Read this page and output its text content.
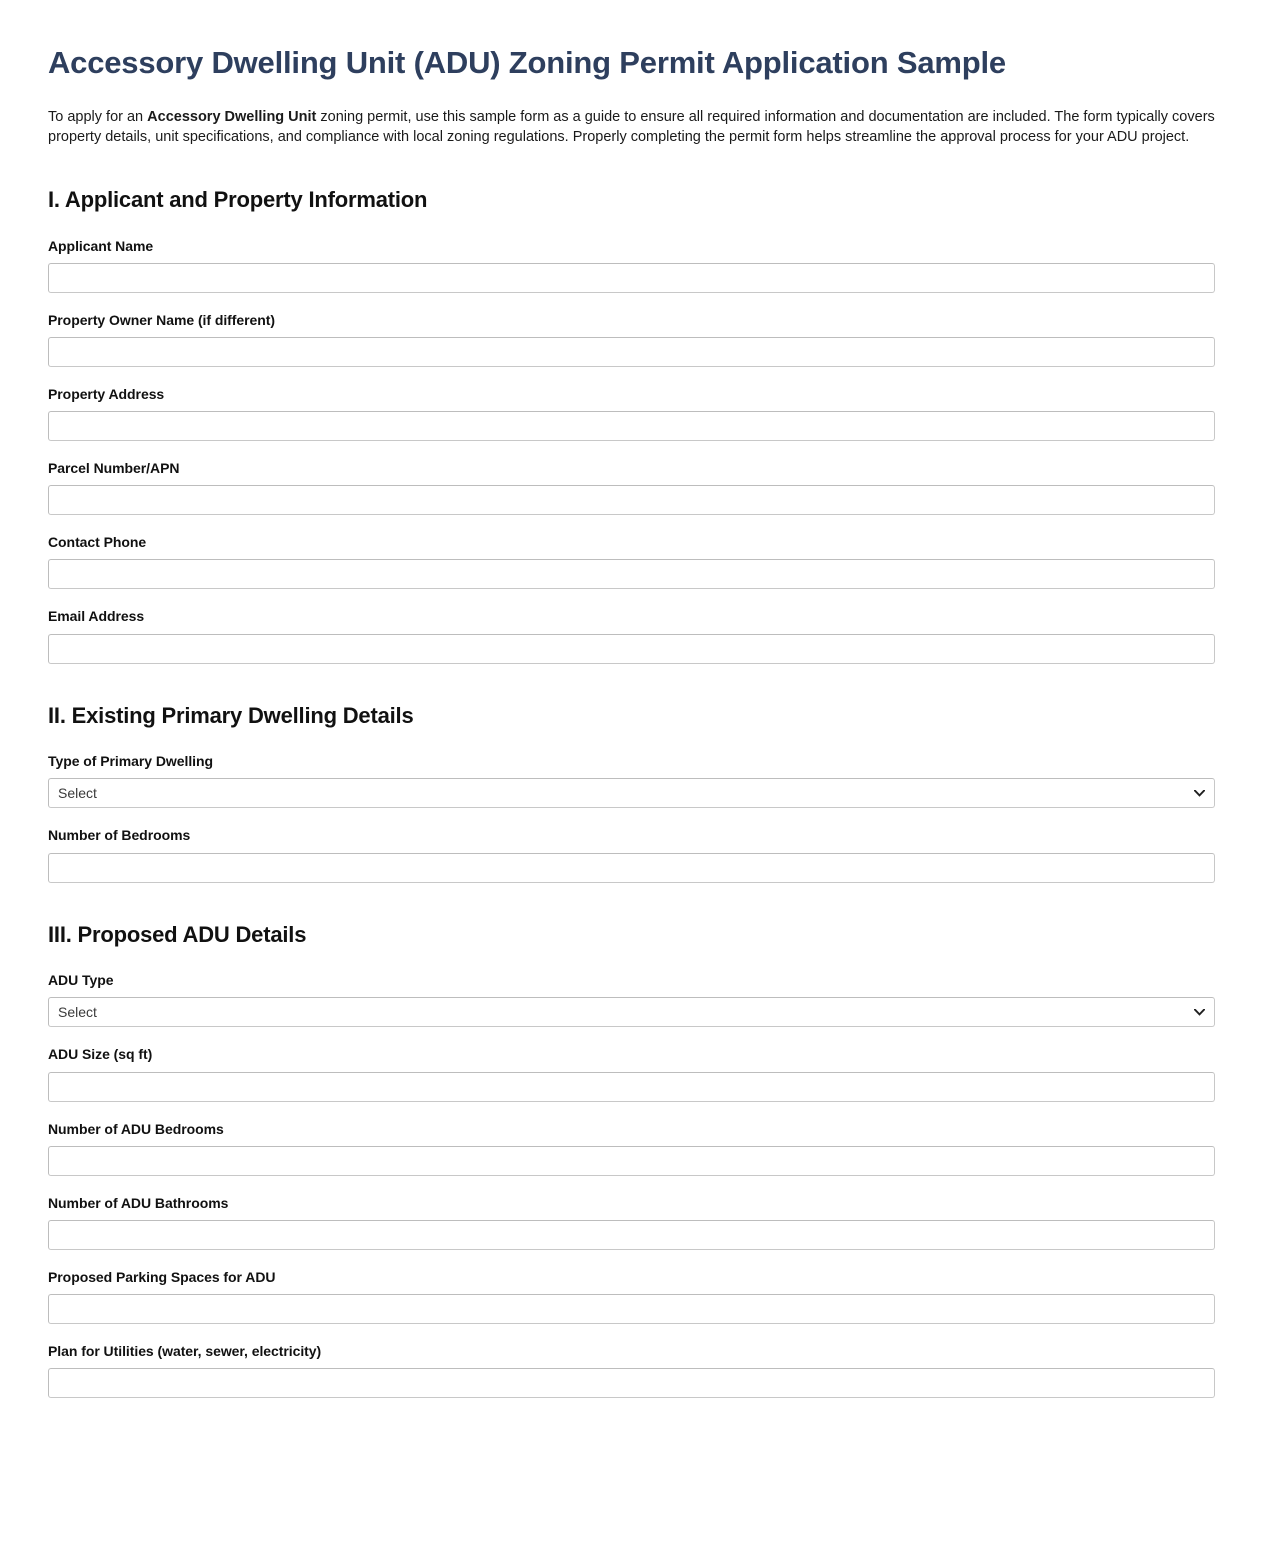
Accessory Dwelling Unit (ADU) Zoning Permit Application Sample

To apply for an Accessory Dwelling Unit zoning permit, use this sample form as a guide to ensure all required information and documentation are included. The form typically covers property details, unit specifications, and compliance with local zoning regulations. Properly completing the permit form helps streamline the approval process for your ADU project.

I. Applicant and Property Information
Applicant Name
Property Owner Name (if different)
Property Address
Parcel Number/APN
Contact Phone
Email Address
II. Existing Primary Dwelling Details
Type of Primary Dwelling
Select
Number of Bedrooms
III. Proposed ADU Details
ADU Type
Select
ADU Size (sq ft)
Number of ADU Bedrooms
Number of ADU Bathrooms
Proposed Parking Spaces for ADU
Plan for Utilities (water, sewer, electricity)
